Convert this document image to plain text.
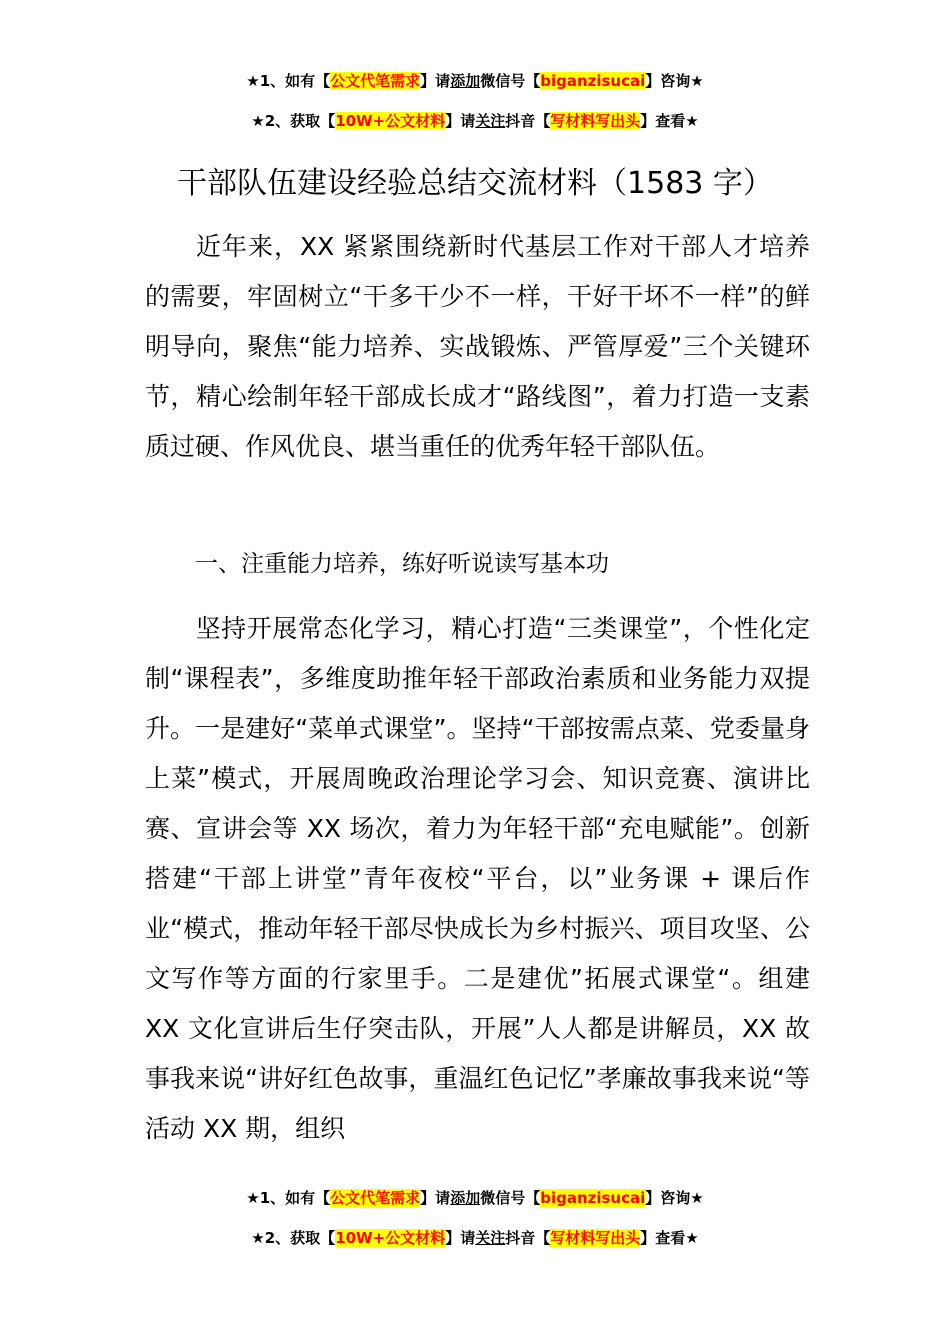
★1、如有【公文代笔需求】请添加微信号【biganzisucai】咨询★
★2、获取【10W+公文材料】请关注抖音【写材料写出头】查看★
干部队伍建设经验总结交流材料（1583 字）

近年来，XX 紧紧围绕新时代基层工作对干部人才培养的需要，牢固树立“干多干少不一样，干好干坏不一样”的鲜明导向，聚焦“能力培养、实战锻炼、严管厚爱”三个关键环节，精心绘制年轻干部成长成才“路线图”，着力打造一支素质过硬、作风优良、堪当重任的优秀年轻干部队伍。

一、注重能力培养，练好听说读写基本功

坚持开展常态化学习，精心打造“三类课堂”，个性化定制“课程表”，多维度助推年轻干部政治素质和业务能力双提升。一是建好“菜单式课堂”。坚持“干部按需点菜、党委量身上菜”模式，开展周晚政治理论学习会、知识竞赛、演讲比赛、宣讲会等 XX 场次，着力为年轻干部“充电赋能”。创新搭建“干部上讲堂”青年夜校“平台，以”业务课 + 课后作业“模式，推动年轻干部尽快成长为乡村振兴、项目攻坚、公文写作等方面的行家里手。二是建优”拓展式课堂“。组建 XX 文化宣讲后生仔突击队，开展”人人都是讲解员，XX 故事我来说“讲好红色故事，重温红色记忆”孝廉故事我来说“等活动 XX 期，组织

★1、如有【公文代笔需求】请添加微信号【biganzisucai】咨询★
★2、获取【10W+公文材料】请关注抖音【写材料写出头】查看★
